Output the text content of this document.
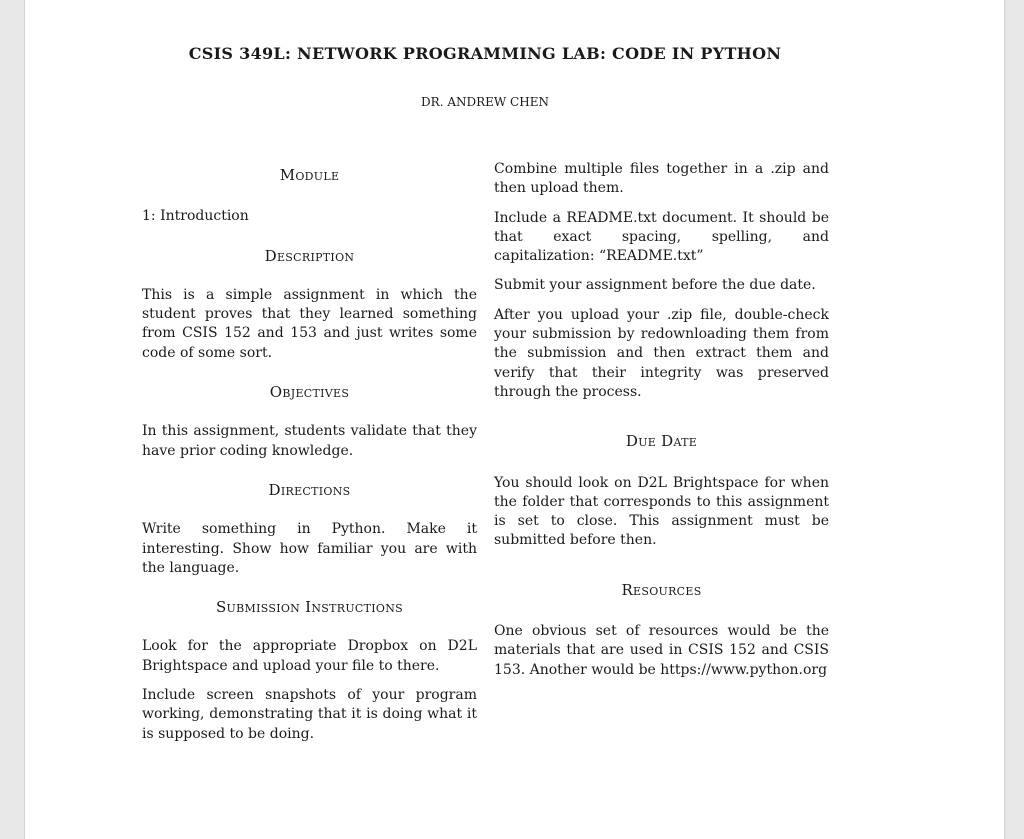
CSIS 349L: NETWORK PROGRAMMING LAB: CODE IN PYTHON
DR. ANDREW CHEN
Module

1: Introduction

Description

This is a simple assignment in which the student proves that they learned something from CSIS 152 and 153 and just writes some code of some sort.

Objectives

In this assignment, students validate that they have prior coding knowledge.

Directions

Write something in Python. Make it interesting. Show how familiar you are with the language.

Submission Instructions

Look for the appropriate Dropbox on D2L Brightspace and upload your file to there.

Include screen snapshots of your program working, demonstrating that it is doing what it is supposed to be doing.

Combine multiple files together in a .zip and then upload them.

Include a README.txt document. It should be that exact spacing, spelling, and capitalization: “README.txt”

Submit your assignment before the due date.

After you upload your .zip file, double-check your submission by redownloading them from the submission and then extract them and verify that their integrity was preserved through the process.

Due Date

You should look on D2L Brightspace for when the folder that corresponds to this assignment is set to close. This assignment must be submitted before then.

Resources

One obvious set of resources would be the materials that are used in CSIS 152 and CSIS 153. Another would be https://www.python.org
